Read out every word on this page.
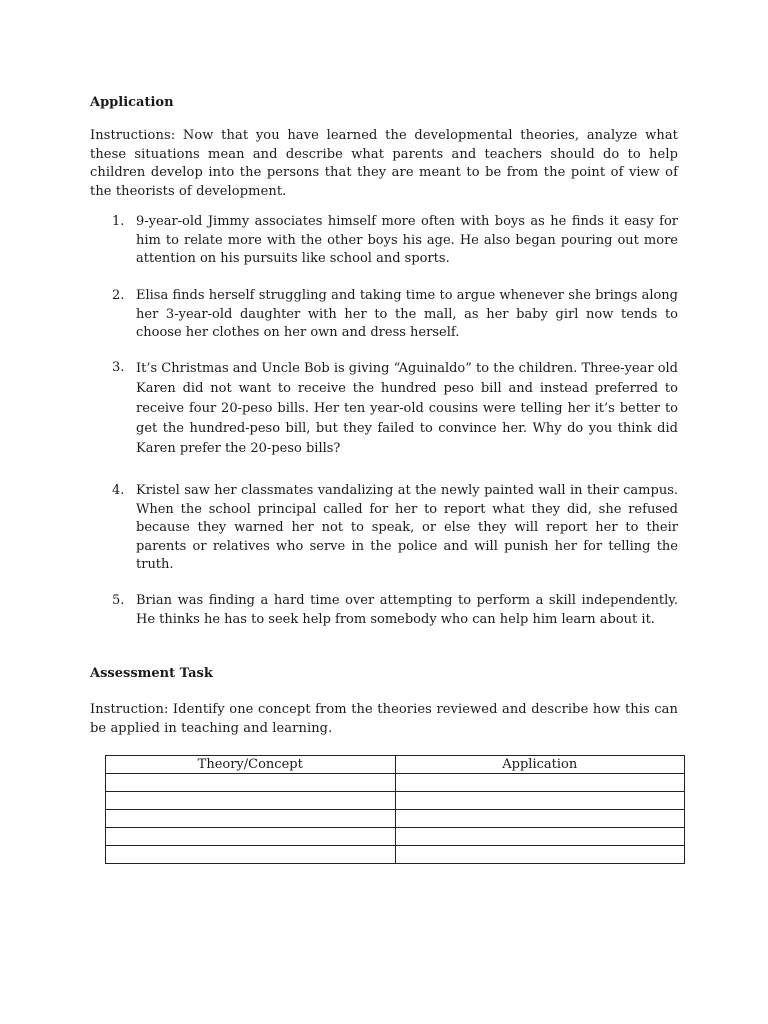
Application
Instructions: Now that you have learned the developmental theories, analyze what these situations mean and describe what parents and teachers should do to help children develop into the persons that they are meant to be from the point of view of the theorists of development.
1. 9-year-old Jimmy associates himself more often with boys as he finds it easy for him to relate more with the other boys his age. He also began pouring out more attention on his pursuits like school and sports.
2. Elisa finds herself struggling and taking time to argue whenever she brings along her 3-year-old daughter with her to the mall, as her baby girl now tends to choose her clothes on her own and dress herself.
3. It’s Christmas and Uncle Bob is giving “Aguinaldo” to the children. Three-year old Karen did not want to receive the hundred peso bill and instead preferred to receive four 20-peso bills. Her ten year-old cousins were telling her it’s better to get the hundred-peso bill, but they failed to convince her. Why do you think did Karen prefer the 20-peso bills?
4. Kristel saw her classmates vandalizing at the newly painted wall in their campus. When the school principal called for her to report what they did, she refused because they warned her not to speak, or else they will report her to their parents or relatives who serve in the police and will punish her for telling the truth.
5. Brian was finding a hard time over attempting to perform a skill independently. He thinks he has to seek help from somebody who can help him learn about it.
Assessment Task
Instruction: Identify one concept from the theories reviewed and describe how this can be applied in teaching and learning.
Theory/Concept	Application
